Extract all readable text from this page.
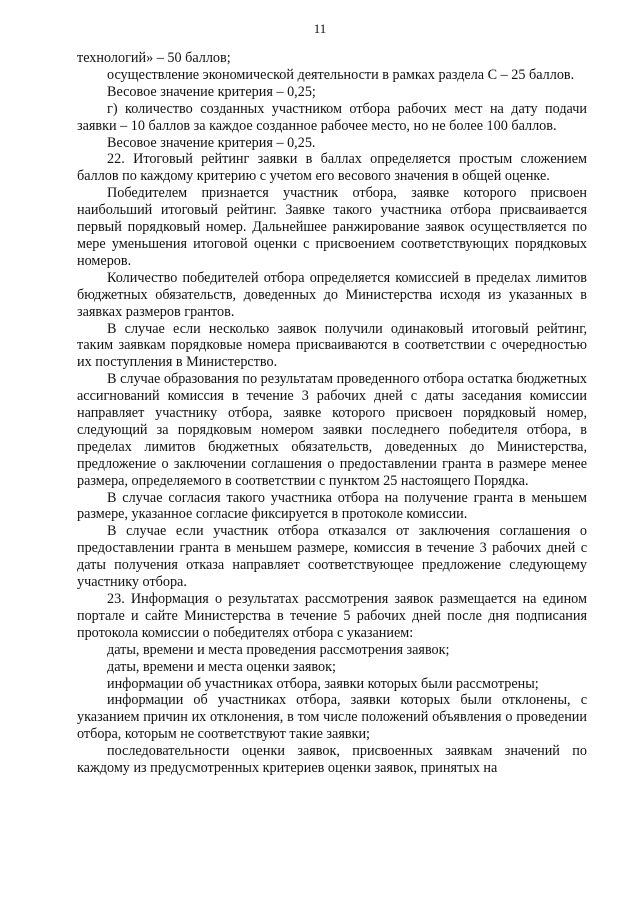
11

технологий» – 50 баллов;

осуществление экономической деятельности в рамках раздела С – 25 баллов.

Весовое значение критерия – 0,25;

г) количество созданных участником отбора рабочих мест на дату подачи заявки – 10 баллов за каждое созданное рабочее место, но не более 100 баллов.

Весовое значение критерия – 0,25.

22. Итоговый рейтинг заявки в баллах определяется простым сложением баллов по каждому критерию с учетом его весового значения в общей оценке.

Победителем признается участник отбора, заявке которого присвоен наибольший итоговый рейтинг. Заявке такого участника отбора присваивается первый порядковый номер. Дальнейшее ранжирование заявок осуществляется по мере уменьшения итоговой оценки с присвоением соответствующих порядковых номеров.

Количество победителей отбора определяется комиссией в пределах лимитов бюджетных обязательств, доведенных до Министерства исходя из указанных в заявках размеров грантов.

В случае если несколько заявок получили одинаковый итоговый рейтинг, таким заявкам порядковые номера присваиваются в соответствии с очередностью их поступления в Министерство.

В случае образования по результатам проведенного отбора остатка бюджетных ассигнований комиссия в течение 3 рабочих дней с даты заседания комиссии направляет участнику отбора, заявке которого присвоен порядковый номер, следующий за порядковым номером заявки последнего победителя отбора, в пределах лимитов бюджетных обязательств, доведенных до Министерства, предложение о заключении соглашения о предоставлении гранта в размере менее размера, определяемого в соответствии с пунктом 25 настоящего Порядка.

В случае согласия такого участника отбора на получение гранта в меньшем размере, указанное согласие фиксируется в протоколе комиссии.

В случае если участник отбора отказался от заключения соглашения о предоставлении гранта в меньшем размере, комиссия в течение 3 рабочих дней с даты получения отказа направляет соответствующее предложение следующему участнику отбора.

23. Информация о результатах рассмотрения заявок размещается на едином портале и сайте Министерства в течение 5 рабочих дней после дня подписания протокола комиссии о победителях отбора с указанием:

даты, времени и места проведения рассмотрения заявок;

даты, времени и места оценки заявок;

информации об участниках отбора, заявки которых были рассмотрены;

информации об участниках отбора, заявки которых были отклонены, с указанием причин их отклонения, в том числе положений объявления о проведении отбора, которым не соответствуют такие заявки;

последовательности оценки заявок, присвоенных заявкам значений по каждому из предусмотренных критериев оценки заявок, принятых на
